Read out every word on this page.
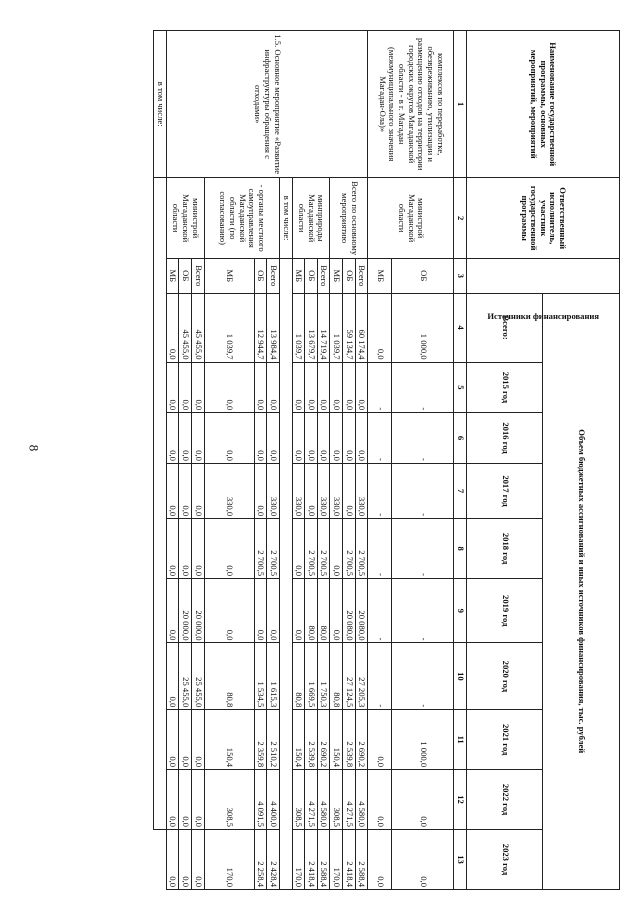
8
Наименование государственной программы, основных мероприятий, мероприятий	Ответственный исполнитель, участник государственной программы	Источники финансирования	Объем бюджетных ассигнований и иных источников финансирования, тыс. рублей									
			Всего:	2015 год	2016 год	2017 год	2018 год	2019 год	2020 год	2021 год	2022 год	2023 год
1	2	3	4	5	6	7	8	9	10	11	12	13
комплексов по переработке, обезвреживанию, утилизации и размещению отходов на территории городских округов Магаданской области - в г. Магадан (межмуниципального значения Магадан-Ола)»	министрой Магаданской области	ОБ	1 000,0	-	-	-	-	-	-	1 000,0	0,0	0,0
		МБ	0,0	-	-	-	-	-	-	0,0	0,0	0,0
1.5. Основное мероприятие «Развитие инфраструктуры обращения с отходами»	Всего по основному мероприятию	Всего	60 174,4	0,0	0,0	330,0	2 700,5	20 080,0	27 205,3	2 690,2	4 580,0	2 588,4
		ОБ	59 134,7	0,0	0,0	0,0	2 700,5	20 080,0	27 124,5	2 539,8	4 271,5	2 418,4
		МБ	1 039,7	0,0	0,0	330,0	0,0	0,0	80,8	150,4	308,5	170,0
	минприроды Магаданской области	Всего	14 719,4	0,0	0,0	330,0	2 700,5	80,0	1 750,3	2 690,2	4 580,0	2 588,4
		ОБ	13 679,7	0,0	0,0	0,0	2 700,5	80,0	1 669,5	2 539,8	4 271,5	2 418,4
		МБ	1 039,7	0,0	0,0	330,0	0,0	0,0	80,8	150,4	308,5	170,0
	в том числе:											
	- органы местного самоуправления Магаданской области (по согласованию)	Всего	13 984,4	0,0	0,0	330,0	2 700,5	0,0	1 615,3	2 510,2	4 400,0	2 428,4
		ОБ	12 944,7	0,0	0,0	0,0	2 700,5	0,0	1 534,5	2 359,8	4 091,5	2 258,4
		МБ	1 039,7	0,0	0,0	330,0	0,0	0,0	80,8	150,4	308,5	170,0
	министрой Магаданской области	Всего	45 455,0	0,0	0,0	0,0	0,0	20 000,0	25 455,0	0,0	0,0	0,0
		ОБ	45 455,0	0,0	0,0	0,0	0,0	20 000,0	25 455,0	0,0	0,0	0,0
		МБ	0,0	0,0	0,0	0,0	0,0	0,0	0,0	0,0	0,0	0,0
в том числе:												
